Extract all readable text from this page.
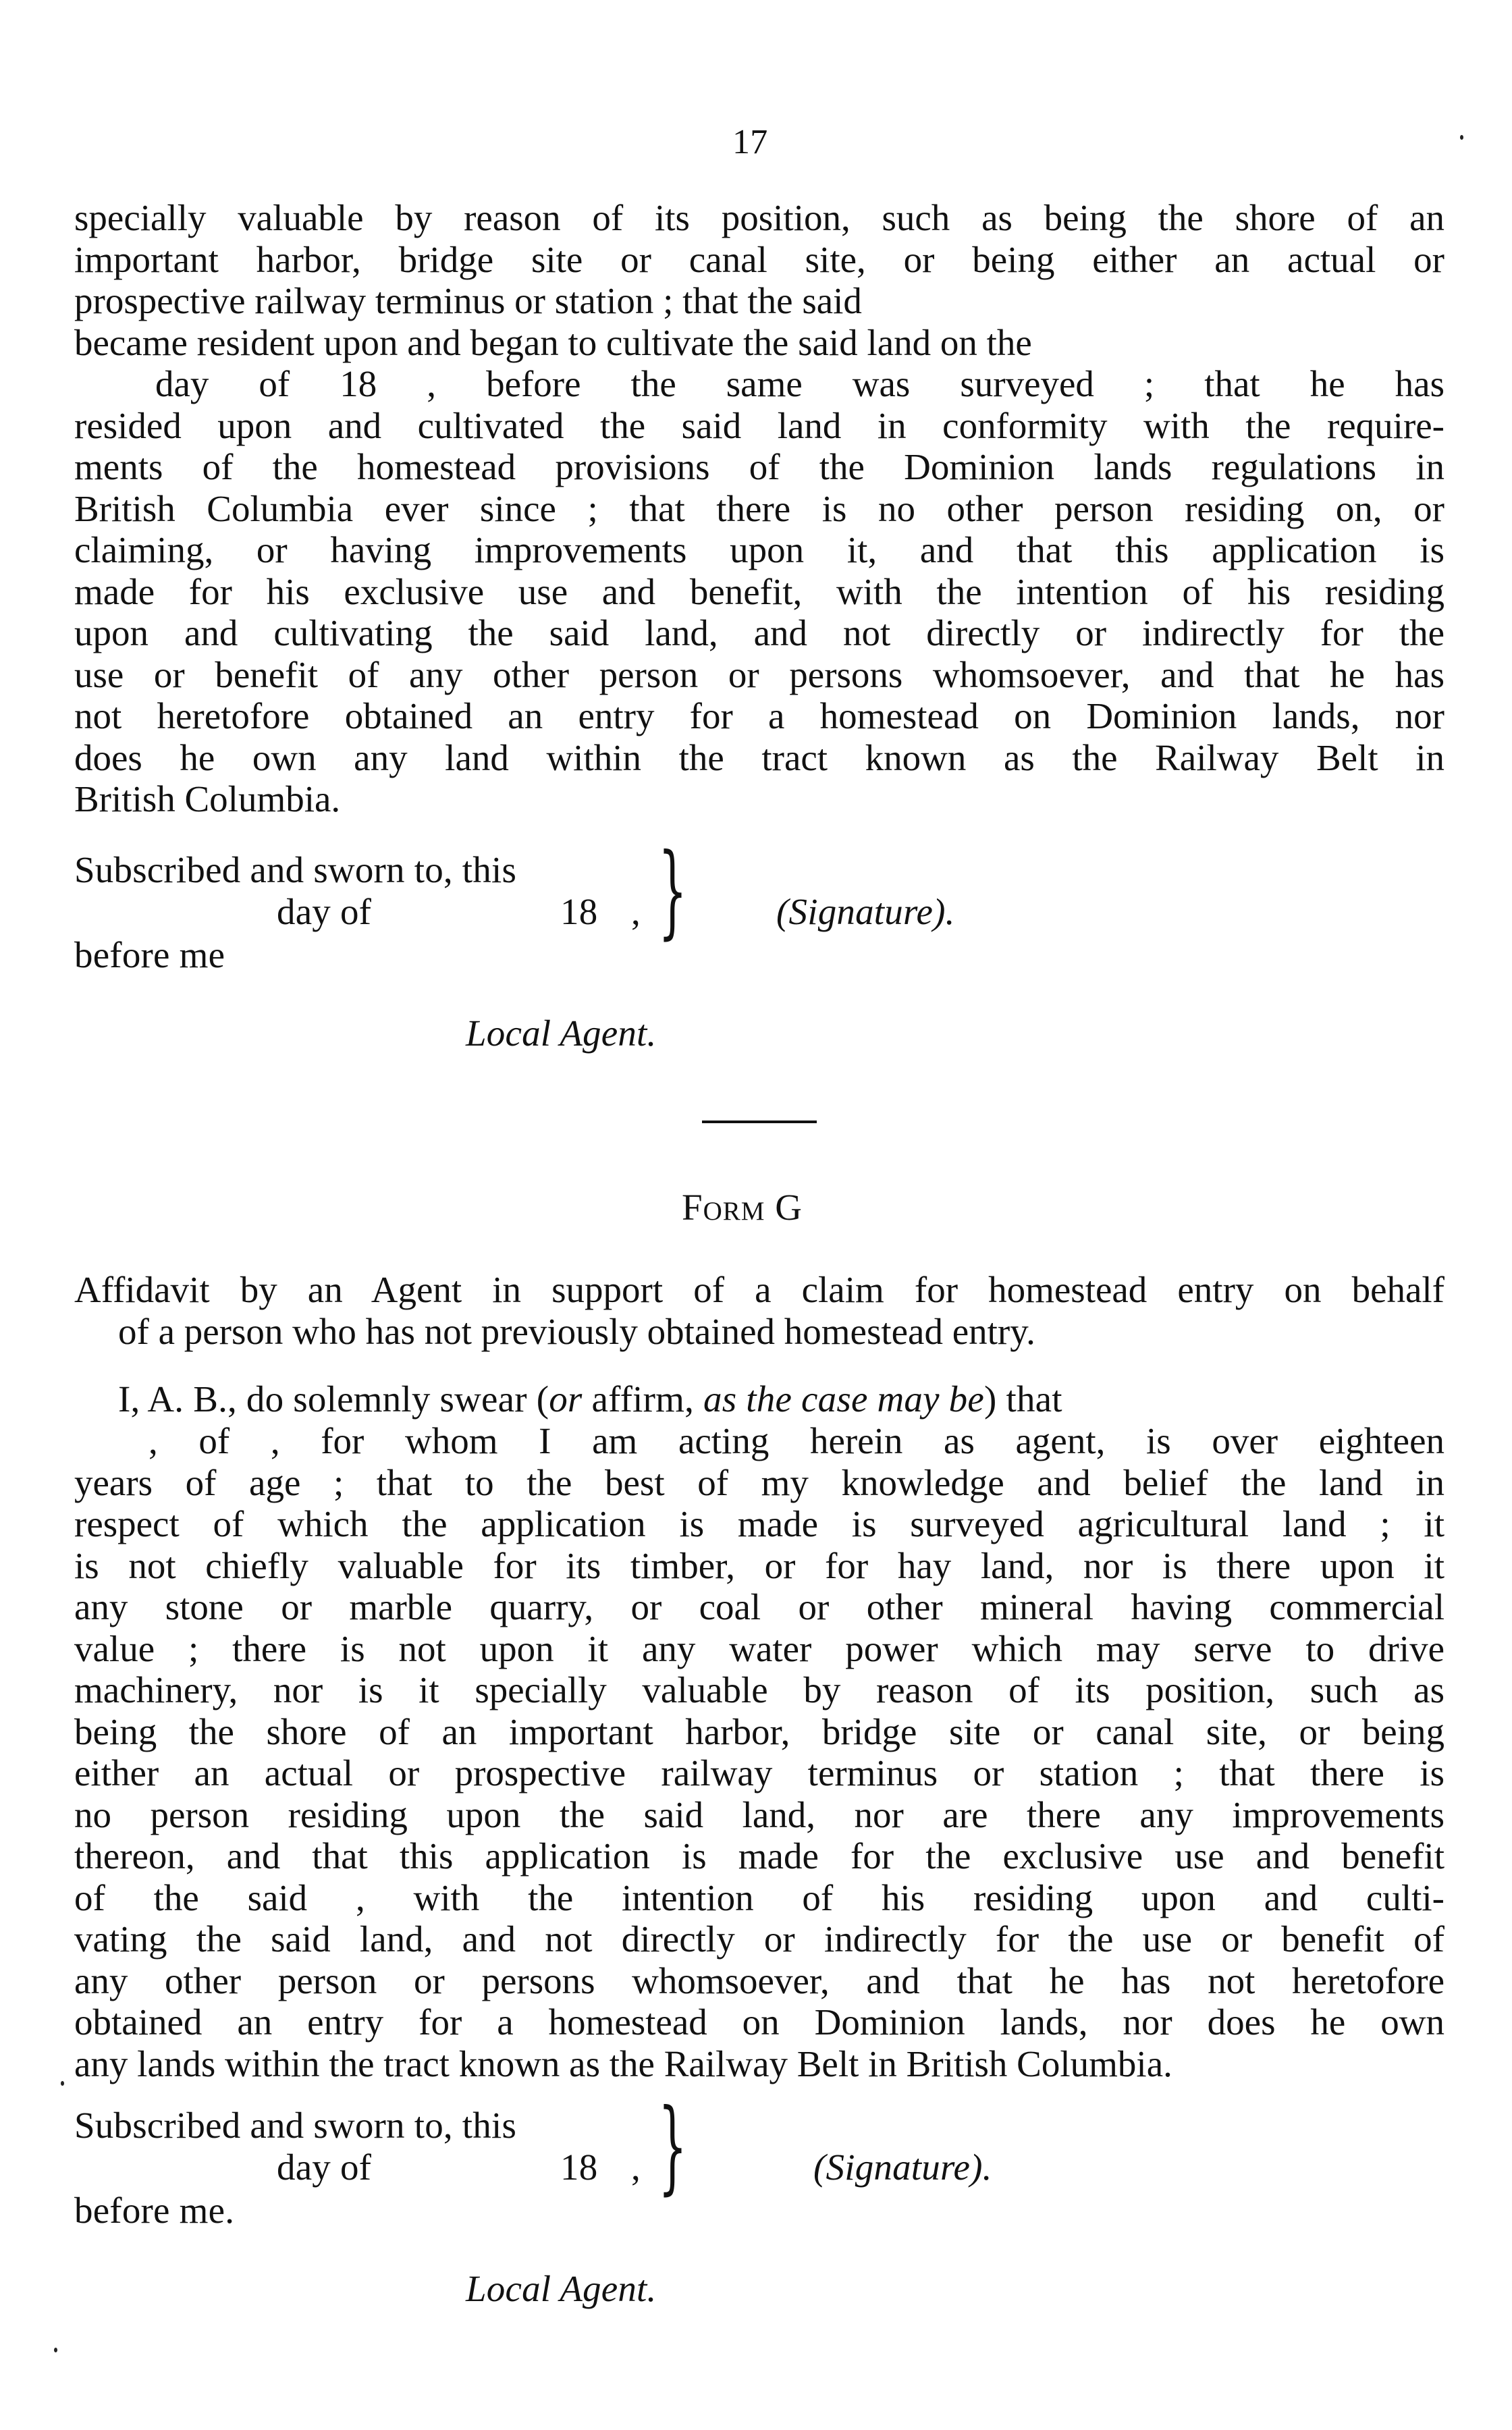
17
specially valuable by reason of its position, such as being the shore of an
important harbor, bridge site or canal site, or being either an actual or
prospective railway terminus or station ; that the said
became resident upon and began to cultivate the said land on the
day of 18 , before the same was surveyed ; that he has
resided upon and cultivated the said land in conformity with the require-
ments of the homestead provisions of the Dominion lands regulations in
British Columbia ever since ; that there is no other person residing on, or
claiming, or having improvements upon it, and that this application is
made for his exclusive use and benefit, with the intention of his residing
upon and cultivating the said land, and not directly or indirectly for the
use or benefit of any other person or persons whomsoever, and that he has
not heretofore obtained an entry for a homestead on Dominion lands, nor
does he own any land within the tract known as the Railway Belt in
British Columbia.
Subscribed and sworn to, this
day of	18 ,
before me
} (Signature).
Local Agent.
Form G
Affidavit by an Agent in support of a claim for homestead entry on behalf
of a person who has not previously obtained homestead entry.
I, A. B., do solemnly swear (or affirm, as the case may be) that
, of , for whom I am acting herein as agent, is over eighteen
years of age ; that to the best of my knowledge and belief the land in
respect of which the application is made is surveyed agricultural land ; it
is not chiefly valuable for its timber, or for hay land, nor is there upon it
any stone or marble quarry, or coal or other mineral having commercial
value ; there is not upon it any water power which may serve to drive
machinery, nor is it specially valuable by reason of its position, such as
being the shore of an important harbor, bridge site or canal site, or being
either an actual or prospective railway terminus or station ; that there is
no person residing upon the said land, nor are there any improvements
thereon, and that this application is made for the exclusive use and benefit
of the said , with the intention of his residing upon and culti-
vating the said land, and not directly or indirectly for the use or benefit of
any other person or persons whomsoever, and that he has not heretofore
obtained an entry for a homestead on Dominion lands, nor does he own
any lands within the tract known as the Railway Belt in British Columbia.
Subscribed and sworn to, this
day of	18 ,
before me.
}	(Signature).
Local Agent.
